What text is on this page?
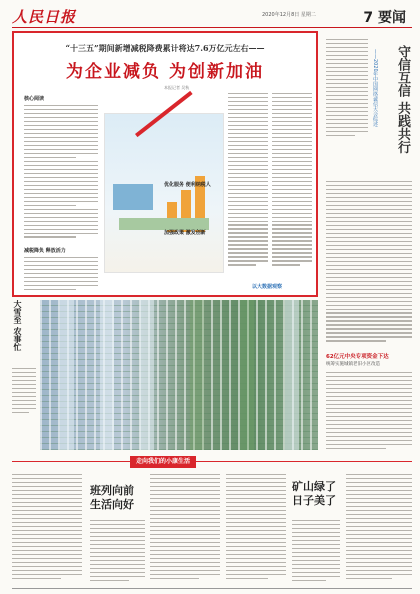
人民日报	2020年12月8日 星期二	7 要闻
“十三五”期间新增减税降费累计将达7.6万亿元左右——
为企业减负 为创新加油
本报记者 吴秋
核心阅读
减税降负 释放活力
优化服务 便利纳税人
加强政策 激发创新
以大数据观察
守信互信 共践共行
——2020年中国网络诚信大会综述
大雪至 农事忙
62亿元中央专项资金下达
统筹实施城镇老旧小区改造
走向我们的小康生活
班列向前 生活向好
矿山绿了 日子美了
